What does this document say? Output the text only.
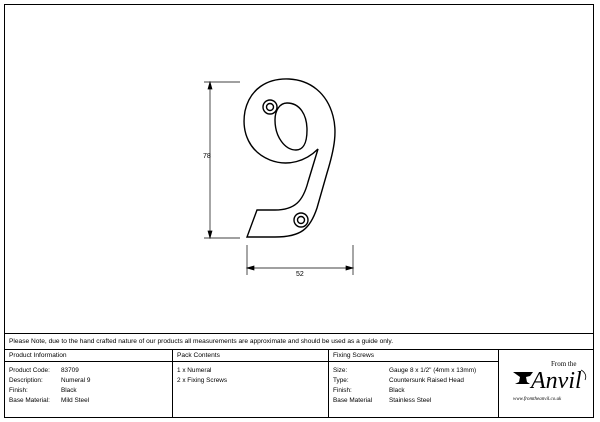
78
52
Please Note, due to the hand crafted nature of our products all measurements are approximate and should be used as a guide only.
Product Information
Product Code: 83709
Description:	Numeral 9
Finish:	Black
Base Material: Mild Steel
Pack Contents
1 x Numeral
2 x Fixing Screws
Fixing Screws
Size:	Gauge 8 x 1/2" (4mm x 13mm)
Type:	Countersunk Raised Head
Finish:	Black
Base Material	Stainless Steel
From the
Anvil
www.fromtheanvil.co.uk
